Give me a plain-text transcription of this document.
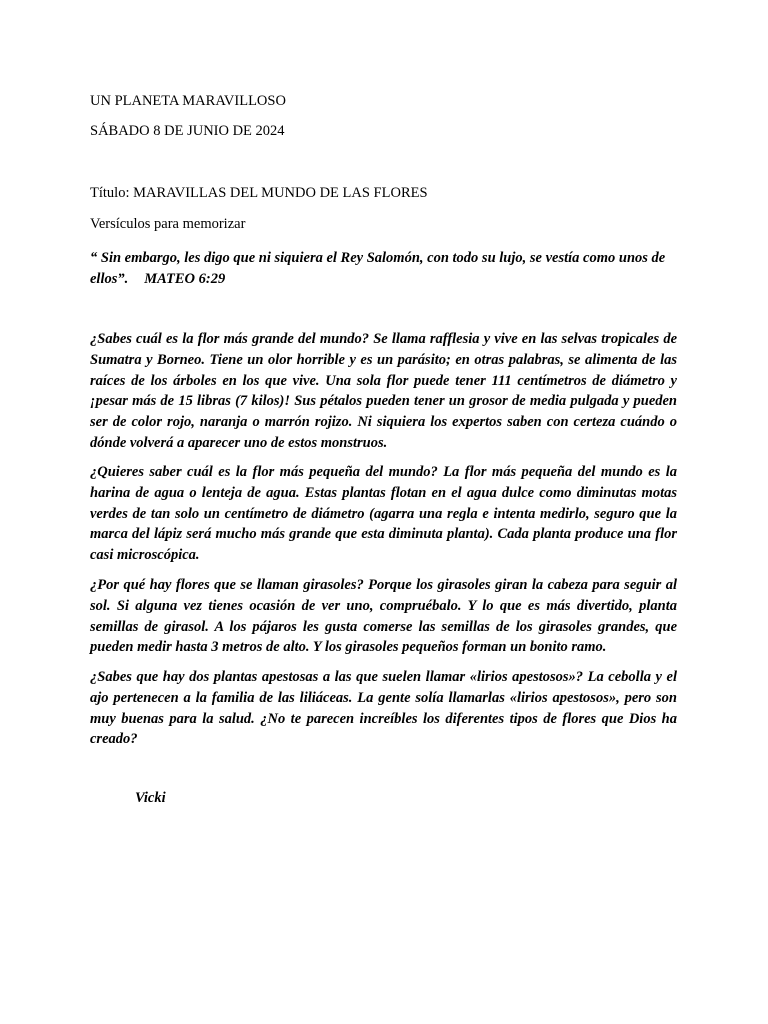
UN PLANETA MARAVILLOSO
SÁBADO 8 DE JUNIO DE 2024
Título: MARAVILLAS DEL MUNDO DE LAS FLORES
Versículos para memorizar
“ Sin embargo, les digo que ni siquiera el Rey Salomón, con todo su lujo, se vestía como unos de ellos”. MATEO 6:29
¿Sabes cuál es la flor más grande del mundo? Se llama rafflesia y vive en las selvas tropicales de Sumatra y Borneo. Tiene un olor horrible y es un parásito; en otras palabras, se alimenta de las raíces de los árboles en los que vive. Una sola flor puede tener 111 centímetros de diámetro y ¡pesar más de 15 libras (7 kilos)! Sus pétalos pueden tener un grosor de media pulgada y pueden ser de color rojo, naranja o marrón rojizo. Ni siquiera los expertos saben con certeza cuándo o dónde volverá a aparecer uno de estos monstruos.
¿Quieres saber cuál es la flor más pequeña del mundo? La flor más pequeña del mundo es la harina de agua o lenteja de agua. Estas plantas flotan en el agua dulce como diminutas motas verdes de tan solo un centímetro de diámetro (agarra una regla e intenta medirlo, seguro que la marca del lápiz será mucho más grande que esta diminuta planta). Cada planta produce una flor casi microscópica.
¿Por qué hay flores que se llaman girasoles? Porque los girasoles giran la cabeza para seguir al sol. Si alguna vez tienes ocasión de ver uno, compruébalo. Y lo que es más divertido, planta semillas de girasol. A los pájaros les gusta comerse las semillas de los girasoles grandes, que pueden medir hasta 3 metros de alto. Y los girasoles pequeños forman un bonito ramo.
¿Sabes que hay dos plantas apestosas a las que suelen llamar «lirios apestosos»? La cebolla y el ajo pertenecen a la familia de las liliáceas. La gente solía llamarlas «lirios apestosos», pero son muy buenas para la salud. ¿No te parecen increíbles los diferentes tipos de flores que Dios ha creado?
Vicki
